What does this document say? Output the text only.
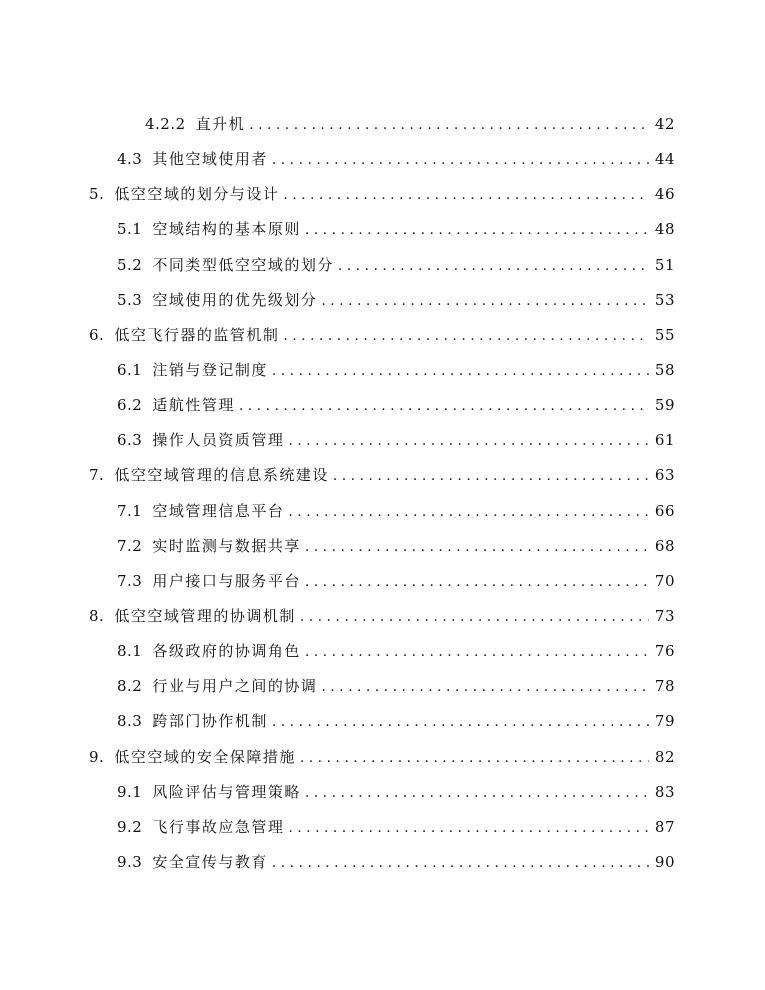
4.2.2 直升机 . . .	42
4.3 其他空域使用者 . . .	44
5. 低空空域的划分与设计 . . .	46
5.1 空域结构的基本原则 . . .	48
5.2 不同类型低空空域的划分 . . .	51
5.3 空域使用的优先级划分 . . .	53
6. 低空飞行器的监管机制 . . .	55
6.1 注销与登记制度 . . .	58
6.2 适航性管理 . . .	59
6.3 操作人员资质管理 . . .	61
7. 低空空域管理的信息系统建设 . . .	63
7.1 空域管理信息平台 . . .	66
7.2 实时监测与数据共享 . . .	68
7.3 用户接口与服务平台 . . .	70
8. 低空空域管理的协调机制 . . .	73
8.1 各级政府的协调角色 . . .	76
8.2 行业与用户之间的协调 . . .	78
8.3 跨部门协作机制 . . .	79
9. 低空空域的安全保障措施 . . .	82
9.1 风险评估与管理策略 . . .	83
9.2 飞行事故应急管理 . . .	87
9.3 安全宣传与教育 . . .	90
